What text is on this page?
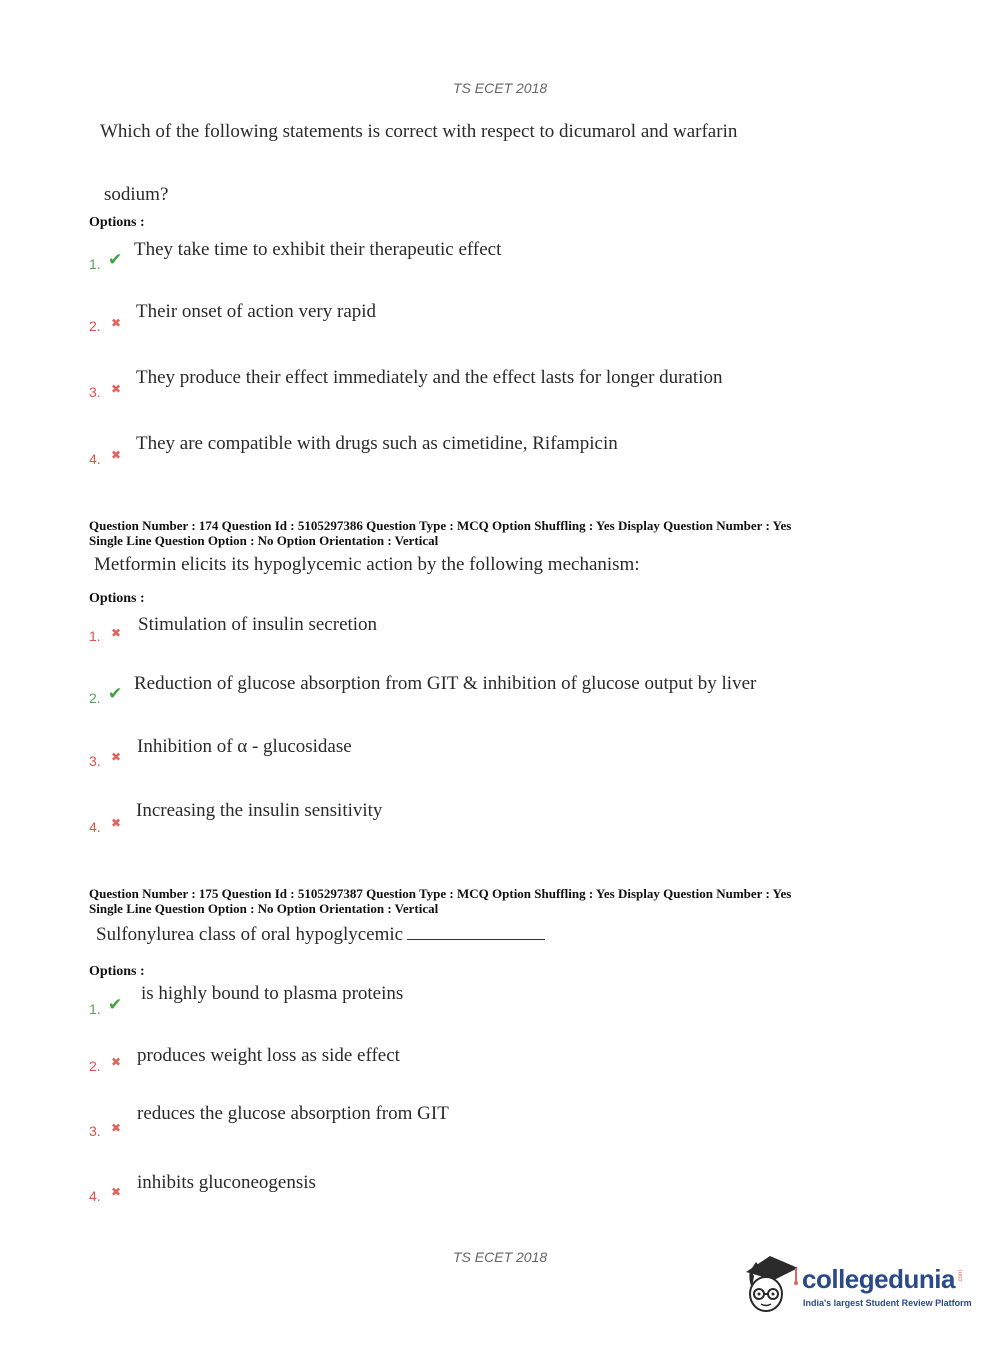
TS ECET 2018
Which of the following statements is correct with respect to dicumarol and warfarin
sodium?
Options :
1. ✔ They take time to exhibit their therapeutic effect
2. ✖
Their onset of action very rapid
3. ✖
They produce their effect immediately and the effect lasts for longer duration
4. ✖
They are compatible with drugs such as cimetidine, Rifampicin
Question Number : 174 Question Id : 5105297386 Question Type : MCQ Option Shuffling : Yes Display Question Number : Yes
Single Line Question Option : No Option Orientation : Vertical
Metformin elicits its hypoglycemic action by the following mechanism:
Options :
1. ✖ Stimulation of insulin secretion
2. ✔ Reduction of glucose absorption from GIT & inhibition of glucose output by liver
3. ✖ Inhibition of α - glucosidase
4. ✖
Increasing the insulin sensitivity
Question Number : 175 Question Id : 5105297387 Question Type : MCQ Option Shuffling : Yes Display Question Number : Yes
Single Line Question Option : No Option Orientation : Vertical
Sulfonylurea class of oral hypoglycemic
Options :
1. ✔
is highly bound to plasma proteins
2. ✖ produces weight loss as side effect
3. ✖
reduces the glucose absorption from GIT
4. ✖ inhibits gluconeogensis
TS ECET 2018
collegedunia .com
India's largest Student Review Platform
